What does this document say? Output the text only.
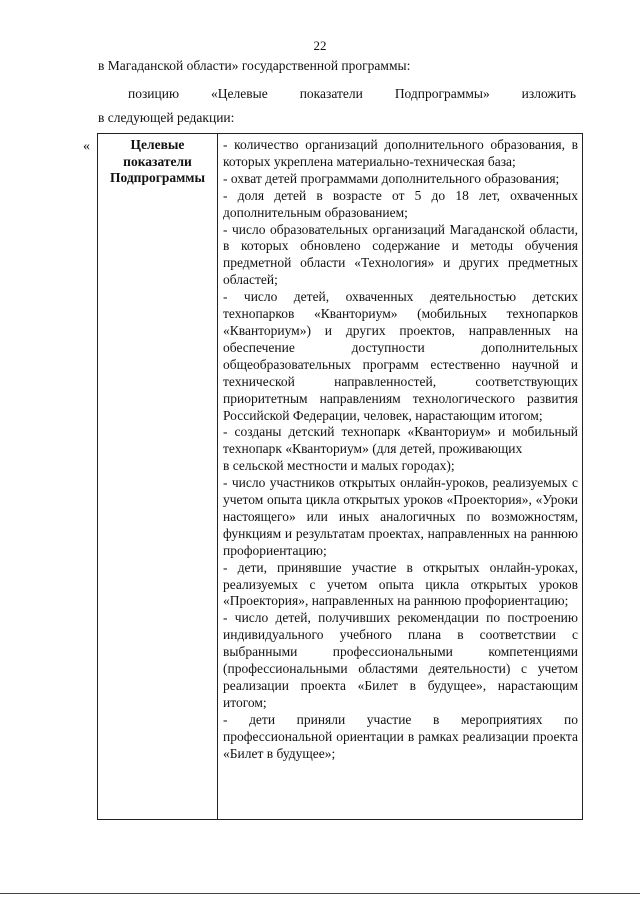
22
в Магаданской области» государственной программы:
позицию «Целевые показатели Подпрограммы» изложить
в следующей редакции:
«	Целевые
показатели
Подпрограммы

- количество организаций дополнительного образования, в которых укреплена материально-техническая база;

- охват детей программами дополнительного образования;

- доля детей в возрасте от 5 до 18 лет, охваченных дополнительным образованием;

- число образовательных организаций Магаданской области, в которых обновлено содержание и методы обучения предметной области «Технология» и других предметных областей;

- число детей, охваченных деятельностью детских технопарков «Кванториум» (мобильных технопарков «Кванториум») и других проектов, направленных на обеспечение доступности дополнительных общеобразовательных программ естественно научной и технической направленностей, соответствующих приоритетным направлениям технологического развития Российской Федерации, человек, нарастающим итогом;

- созданы детский технопарк «Кванториум» и мобильный технопарк «Кванториум» (для детей, проживающих

в сельской местности и малых городах);

- число участников открытых онлайн-уроков, реализуемых с учетом опыта цикла открытых уроков «Проектория», «Уроки настоящего» или иных аналогичных по возможностям, функциям и результатам проектах, направленных на раннюю профориентацию;

- дети, принявшие участие в открытых онлайн-уроках, реализуемых с учетом опыта цикла открытых уроков «Проектория», направленных на раннюю профориентацию;

- число детей, получивших рекомендации по построению индивидуального учебного плана в соответствии с выбранными профессиональными компетенциями (профессиональными областями деятельности) с учетом реализации проекта «Билет в будущее», нарастающим итогом;

- дети приняли участие в мероприятиях по профессиональной ориентации в рамках реализации проекта «Билет в будущее»;
